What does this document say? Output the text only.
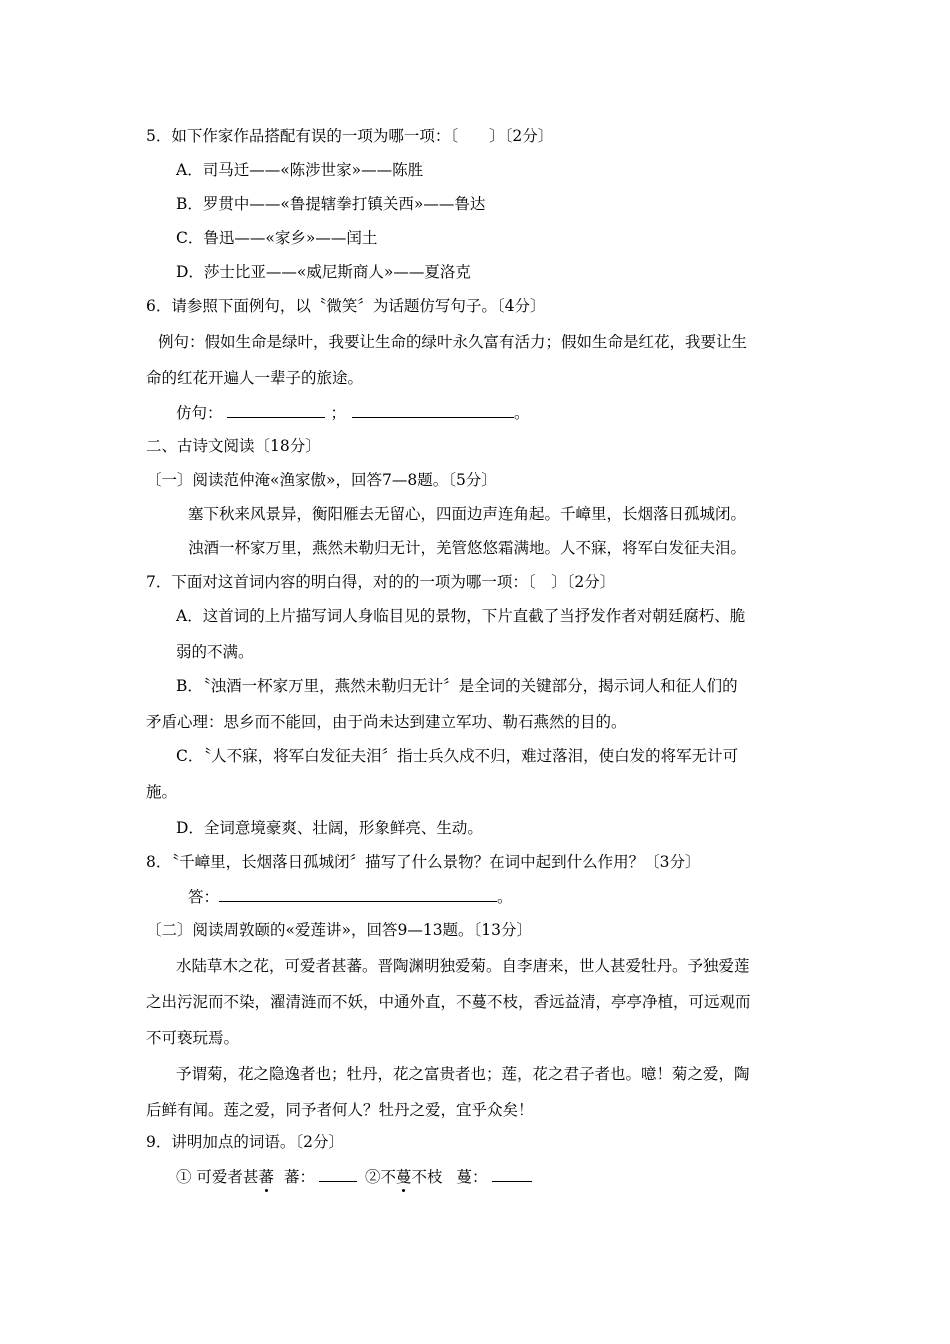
5．如下作家作品搭配有误的一项为哪一项：〔　　〕〔2分〕
A．司马迁——«陈涉世家»——陈胜
B．罗贯中——«鲁提辖拳打镇关西»——鲁达
C．鲁迅——«家乡»——闰土
D．莎士比亚——«威尼斯商人»——夏洛克
6．请参照下面例句，以〝微笑〞为话题仿写句子。〔4分〕
例句：假如生命是绿叶，我要让生命的绿叶永久富有活力；假如生命是红花，我要让生
命的红花开遍人一辈子的旅途。
仿句：	；	。
二、古诗文阅读〔18分〕
〔一〕阅读范仲淹«渔家傲»，回答7—8题。〔5分〕
塞下秋来风景异，衡阳雁去无留心，四面边声连角起。千嶂里，长烟落日孤城闭。
浊酒一杯家万里，燕然未勒归无计，羌管悠悠霜满地。人不寐，将军白发征夫泪。
7．下面对这首词内容的明白得，对的的一项为哪一项：〔　〕〔2分〕
A．这首词的上片描写词人身临目见的景物，下片直截了当抒发作者对朝廷腐朽、脆
弱的不满。
B．〝浊酒一杯家万里，燕然未勒归无计〞是全词的关键部分，揭示词人和征人们的
矛盾心理：思乡而不能回，由于尚未达到建立军功、勒石燕然的目的。
C．〝人不寐，将军白发征夫泪〞指士兵久戍不归，难过落泪，使白发的将军无计可
施。
D．全词意境豪爽、壮阔，形象鲜亮、生动。
8．〝千嶂里，长烟落日孤城闭〞描写了什么景物？在词中起到什么作用？〔3分〕
答：	。
〔二〕阅读周敦颐的«爱莲讲»，回答9—13题。〔13分〕
水陆草木之花，可爱者甚蕃。晋陶渊明独爱菊。自李唐来，世人甚爱牡丹。予独爱莲
之出污泥而不染，濯清涟而不妖，中通外直，不蔓不枝，香远益清，亭亭净植，可远观而
不可亵玩焉。
予谓菊，花之隐逸者也；牡丹，花之富贵者也；莲，花之君子者也。噫！菊之爱，陶
后鲜有闻。莲之爱，同予者何人？牡丹之爱，宜乎众矣！
9．讲明加点的词语。〔2分〕
① 可爱者甚蕃 蕃：	②不蔓不枝 蔓：
